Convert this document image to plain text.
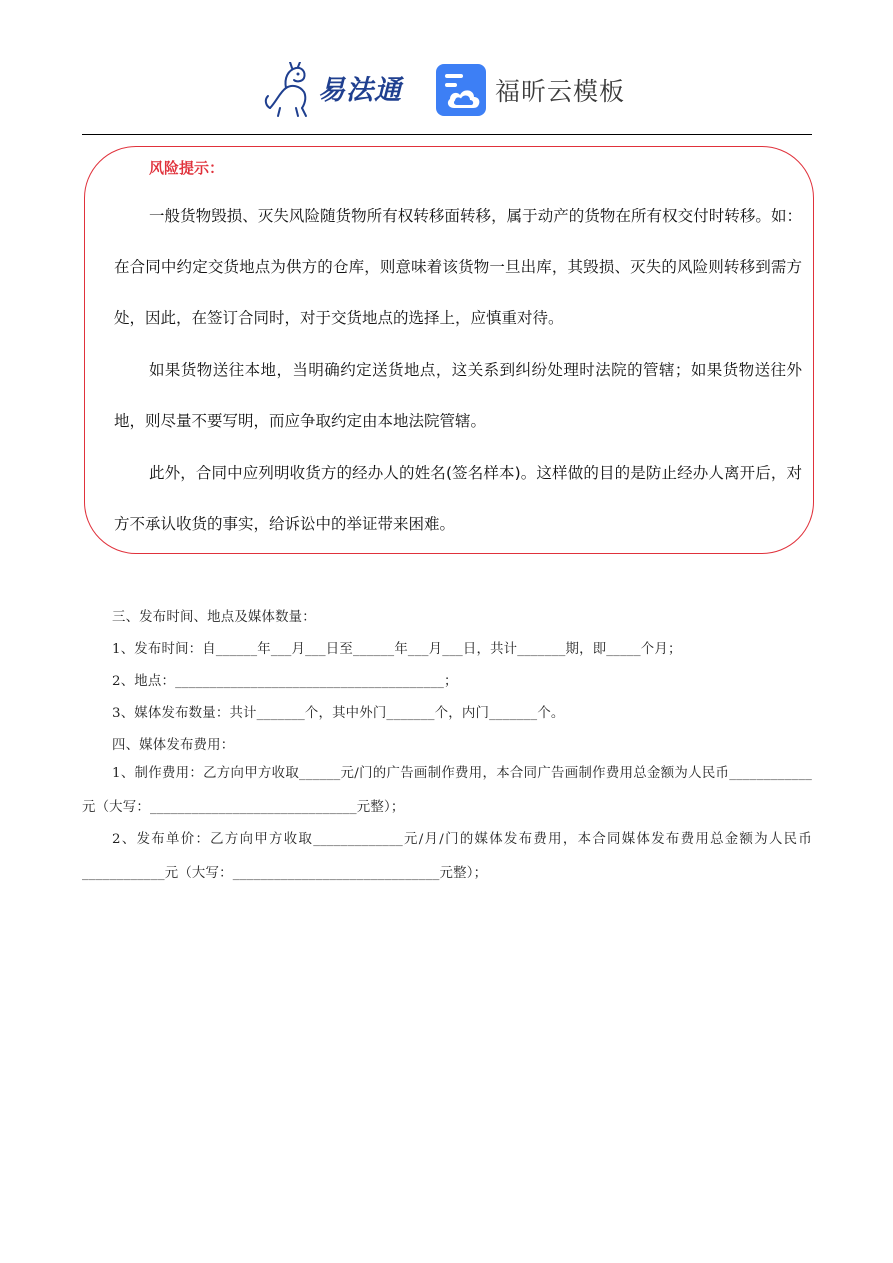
易法通	福昕云模板
风险提示：

一般货物毁损、灭失风险随货物所有权转移面转移，属于动产的货物在所有权交付时转移。如：在合同中约定交货地点为供方的仓库，则意味着该货物一旦出库，其毁损、灭失的风险则转移到需方处，因此，在签订合同时，对于交货地点的选择上，应慎重对待。

如果货物送往本地，当明确约定送货地点，这关系到纠纷处理时法院的管辖；如果货物送往外地，则尽量不要写明，而应争取约定由本地法院管辖。

此外，合同中应列明收货方的经办人的姓名(签名样本)。这样做的目的是防止经办人离开后，对方不承认收货的事实，给诉讼中的举证带来困难。

三、发布时间、地点及媒体数量：
1、发布时间：自______年___月___日至______年___月___日，共计_______期，即_____个月；
2、地点：_______________________________________；
3、媒体发布数量：共计_______个，其中外门_______个，内门_______个。
四、媒体发布费用：

1、制作费用：乙方向甲方收取______元/门的广告画制作费用，本合同广告画制作费用总金额为人民币____________元（大写：______________________________元整）；

2、发布单价：乙方向甲方收取_____________元/月/门的媒体发布费用，本合同媒体发布费用总金额为人民币____________元（大写：______________________________元整）；
